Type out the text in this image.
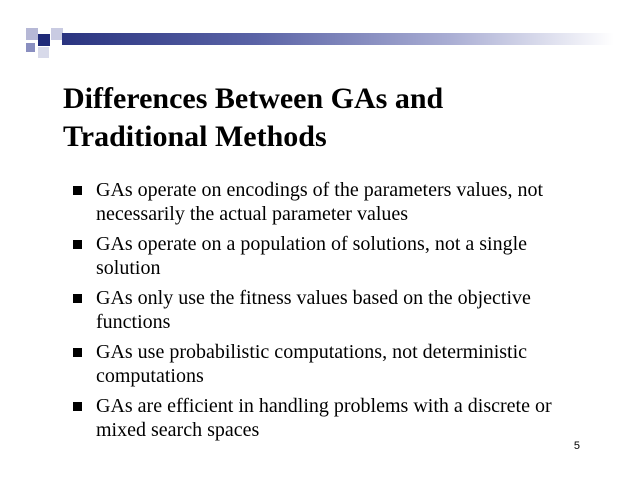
Differences Between GAs and
Traditional Methods
GAs operate on encodings of the parameters values, not necessarily the actual parameter values
GAs operate on a population of solutions, not a single solution
GAs only use the fitness values based on the objective functions
GAs use probabilistic computations, not deterministic computations
GAs are efficient in handling problems with a discrete or mixed search spaces
5
